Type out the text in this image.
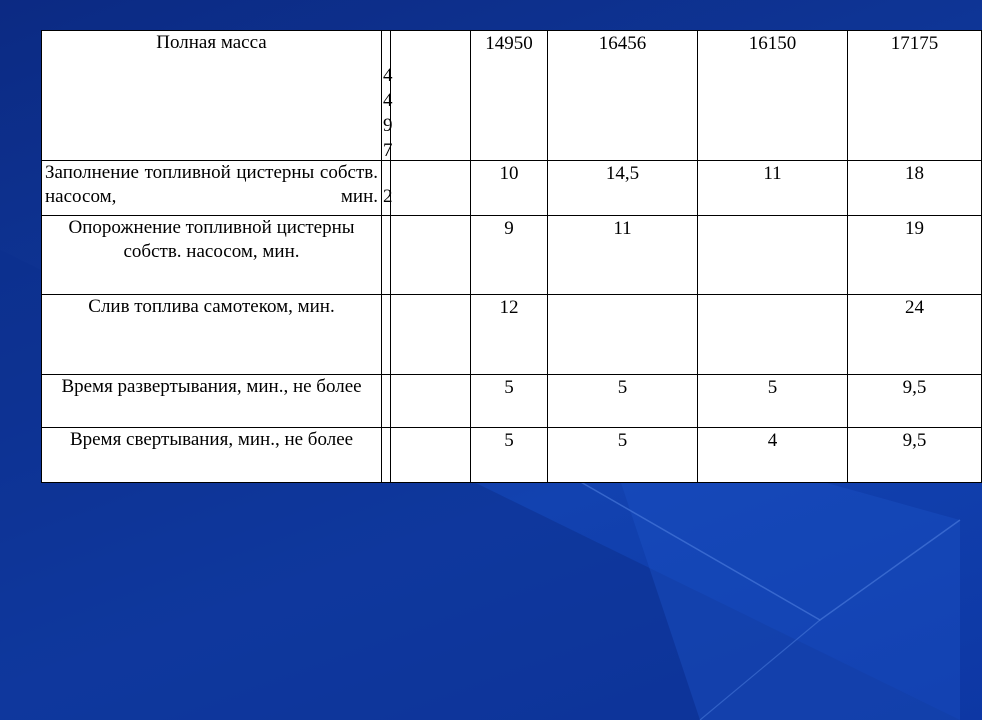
Полная масса	4497		14950	16456	16150	17175
Заполнение топливной цистерны собств. насосом, мин.	2		10	14,5	11	18
Опорожнение топливной цистерны собств. насосом, мин.			9	11		19
Слив топлива самотеком, мин.			12			24
Время развертывания, мин., не более			5	5	5	9,5
Время свертывания, мин., не более			5	5	4	9,5
